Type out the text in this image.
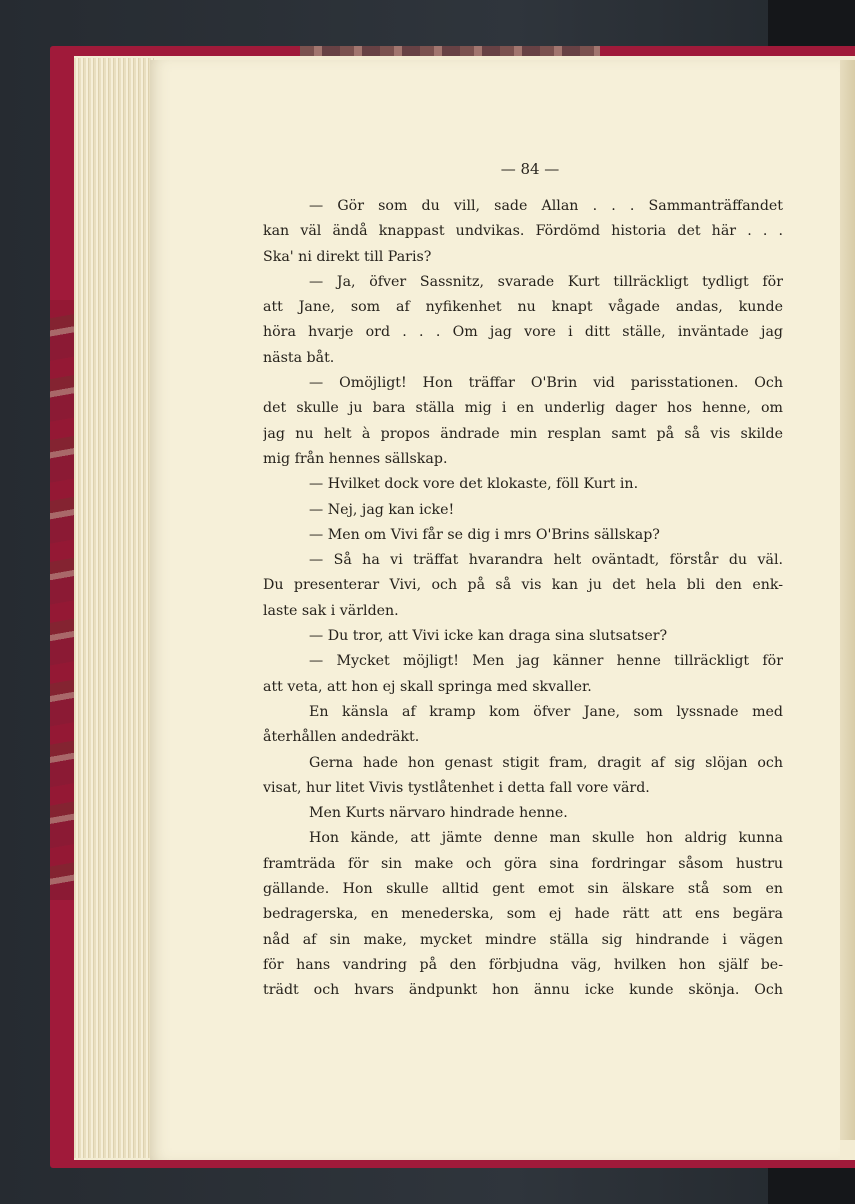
— 84 —
— Gör som du vill, sade Allan . . . Sammanträffandet
kan väl ändå knappast undvikas. Fördömd historia det här . . .
Ska' ni direkt till Paris?
— Ja, öfver Sassnitz, svarade Kurt tillräckligt tydligt för
att Jane, som af nyfikenhet nu knapt vågade andas, kunde
höra hvarje ord . . . Om jag vore i ditt ställe, inväntade jag
nästa båt.
— Omöjligt! Hon träffar O'Brin vid parisstationen. Och
det skulle ju bara ställa mig i en underlig dager hos henne, om
jag nu helt à propos ändrade min resplan samt på så vis skilde
mig från hennes sällskap.
— Hvilket dock vore det klokaste, föll Kurt in.
— Nej, jag kan icke!
— Men om Vivi får se dig i mrs O'Brins sällskap?
— Så ha vi träffat hvarandra helt oväntadt, förstår du väl.
Du presenterar Vivi, och på så vis kan ju det hela bli den enk-
laste sak i världen.
— Du tror, att Vivi icke kan draga sina slutsatser?
— Mycket möjligt! Men jag känner henne tillräckligt för
att veta, att hon ej skall springa med skvaller.
En känsla af kramp kom öfver Jane, som lyssnade med
återhållen andedräkt.
Gerna hade hon genast stigit fram, dragit af sig slöjan och
visat, hur litet Vivis tystlåtenhet i detta fall vore värd.
Men Kurts närvaro hindrade henne.
Hon kände, att jämte denne man skulle hon aldrig kunna
framträda för sin make och göra sina fordringar såsom hustru
gällande. Hon skulle alltid gent emot sin älskare stå som en
bedragerska, en menederska, som ej hade rätt att ens begära
nåd af sin make, mycket mindre ställa sig hindrande i vägen
för hans vandring på den förbjudna väg, hvilken hon själf be-
trädt och hvars ändpunkt hon ännu icke kunde skönja. Och
